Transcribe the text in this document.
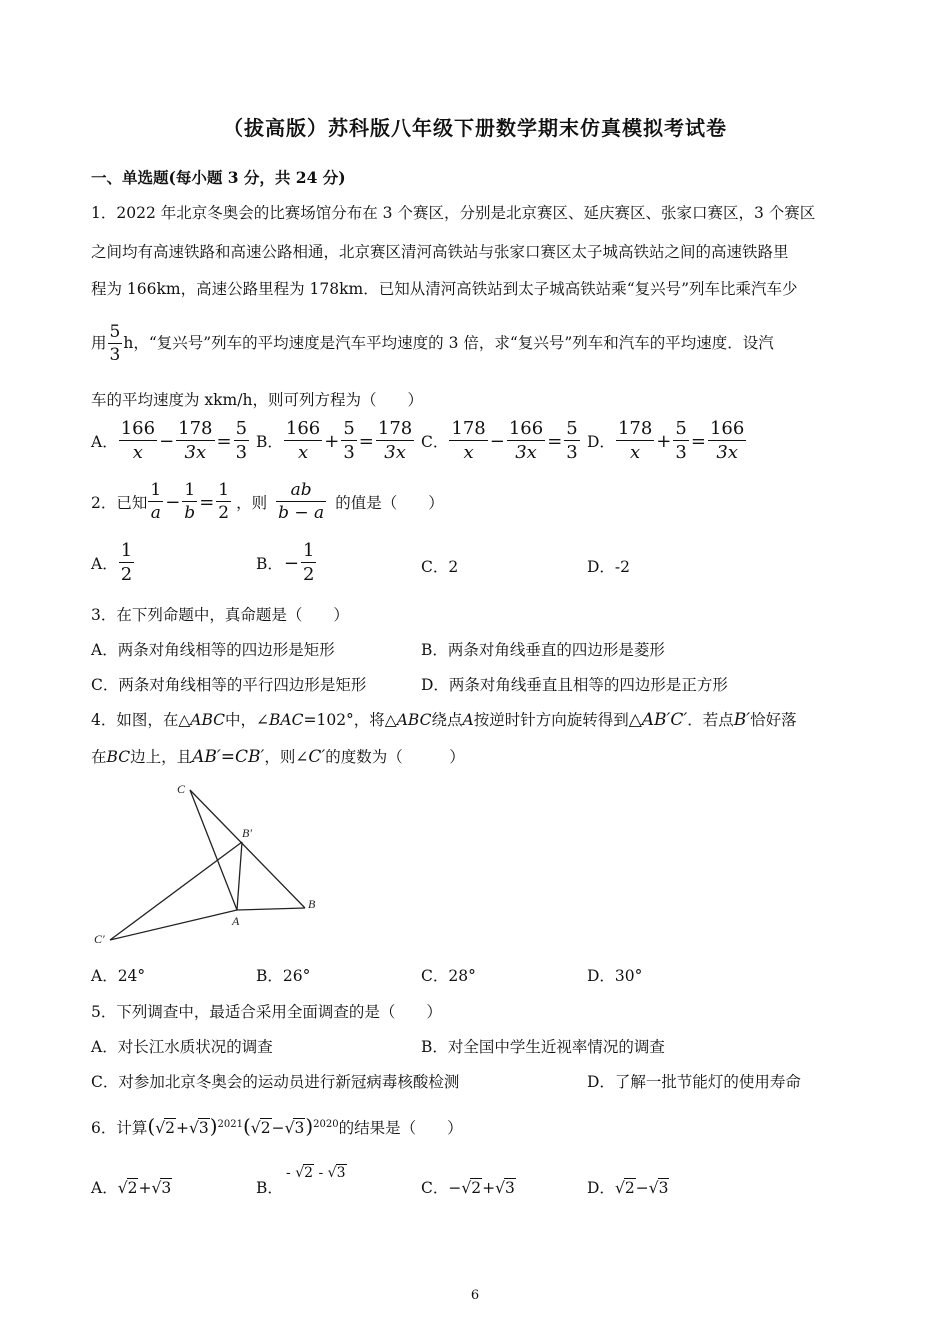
（拔高版）苏科版八年级下册数学期末仿真模拟考试卷
一、单选题(每小题 3 分，共 24 分)
1．2022 年北京冬奥会的比赛场馆分布在 3 个赛区，分别是北京赛区、延庆赛区、张家口赛区，3 个赛区
之间均有高速铁路和高速公路相通，北京赛区清河高铁站与张家口赛区太子城高铁站之间的高速铁路里
程为 166km，高速公路里程为 178km．已知从清河高铁站到太子城高铁站乘“复兴号”列车比乘汽车少
用 $\frac{5}{3}$ h，“复兴号”列车的平均速度是汽车平均速度的 3 倍，求“复兴号”列车和汽车的平均速度．设汽
车的平均速度为 xkm/h，则可列方程为（　　）
A． $\frac{166}{x} - \frac{178}{3x} = \frac{5}{3}$ B． $\frac{166}{x} + \frac{5}{3} = \frac{178}{3x}$ C． $\frac{178}{x} - \frac{166}{3x} = \frac{5}{3}$ D． $\frac{178}{x} + \frac{5}{3} = \frac{166}{3x}$
2．已知 $\frac{1}{a} - \frac{1}{b} = \frac{1}{2}$ ，则 $\frac{ab}{b - a}$ 的值是（　　）
A． $\frac{1}{2}$	B．− $\frac{1}{2}$	C．2	D．-2
3．在下列命题中，真命题是（　　）
A．两条对角线相等的四边形是矩形	B．两条对角线垂直的四边形是菱形
C．两条对角线相等的平行四边形是矩形	D．两条对角线垂直且相等的四边形是正方形
4．如图，在△ABC中，∠BAC=102°，将△ABC绕点A按逆时针方向旋转得到△AB′C′．若点B′恰好落
在BC边上，且AB′=CB′，则∠C′的度数为（　　　）
C
B′
B
A
C′
A．24°	B．26°	C．28°	D．30°
5．下列调查中，最适合采用全面调查的是（　　）
A．对长江水质状况的调查	B．对全国中学生近视率情况的调查
C．对参加北京冬奥会的运动员进行新冠病毒核酸检测	D．了解一批节能灯的使用寿命
6．计算$(√2+√3)^{2021}(√2-√3)^{2020}$的结果是（　　）
A．√2+√3	B．
- √2 - √3
C．−√2+√3	D．√2−√3
6
